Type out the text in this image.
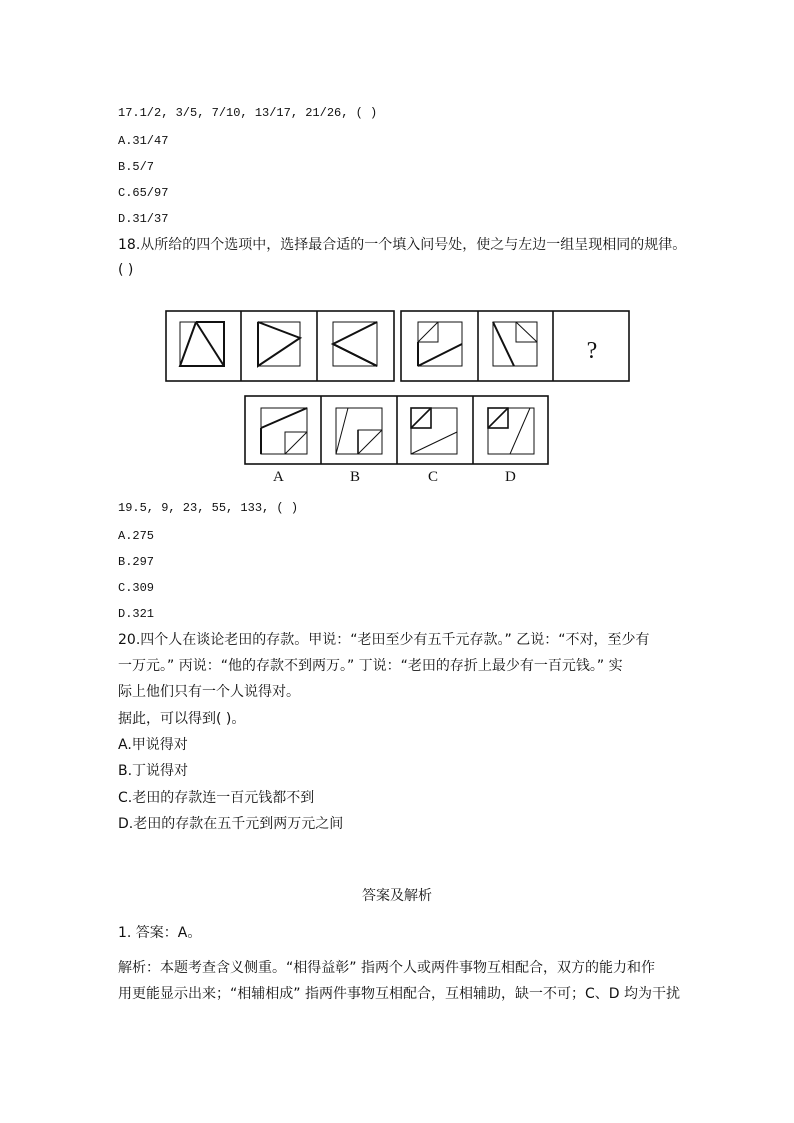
17.1/2, 3/5, 7/10, 13/17, 21/26, ( )
A.31/47
B.5/7
C.65/97
D.31/37
18.从所给的四个选项中，选择最合适的一个填入问号处，使之与左边一组呈现相同的规律。
( )
?
A	B	C	D
19.5, 9, 23, 55, 133, ( )
A.275
B.297
C.309
D.321
20.四个人在谈论老田的存款。甲说：“老田至少有五千元存款。” 乙说：“不对，至少有
一万元。” 丙说：“他的存款不到两万。” 丁说：“老田的存折上最少有一百元钱。” 实
际上他们只有一个人说得对。
据此，可以得到( )。
A.甲说得对
B.丁说得对
C.老田的存款连一百元钱都不到
D.老田的存款在五千元到两万元之间
答案及解析
1. 答案：A。
解析：本题考查含义侧重。“相得益彰” 指两个人或两件事物互相配合，双方的能力和作
用更能显示出来；“相辅相成” 指两件事物互相配合，互相辅助，缺一不可；C、D 均为干扰
